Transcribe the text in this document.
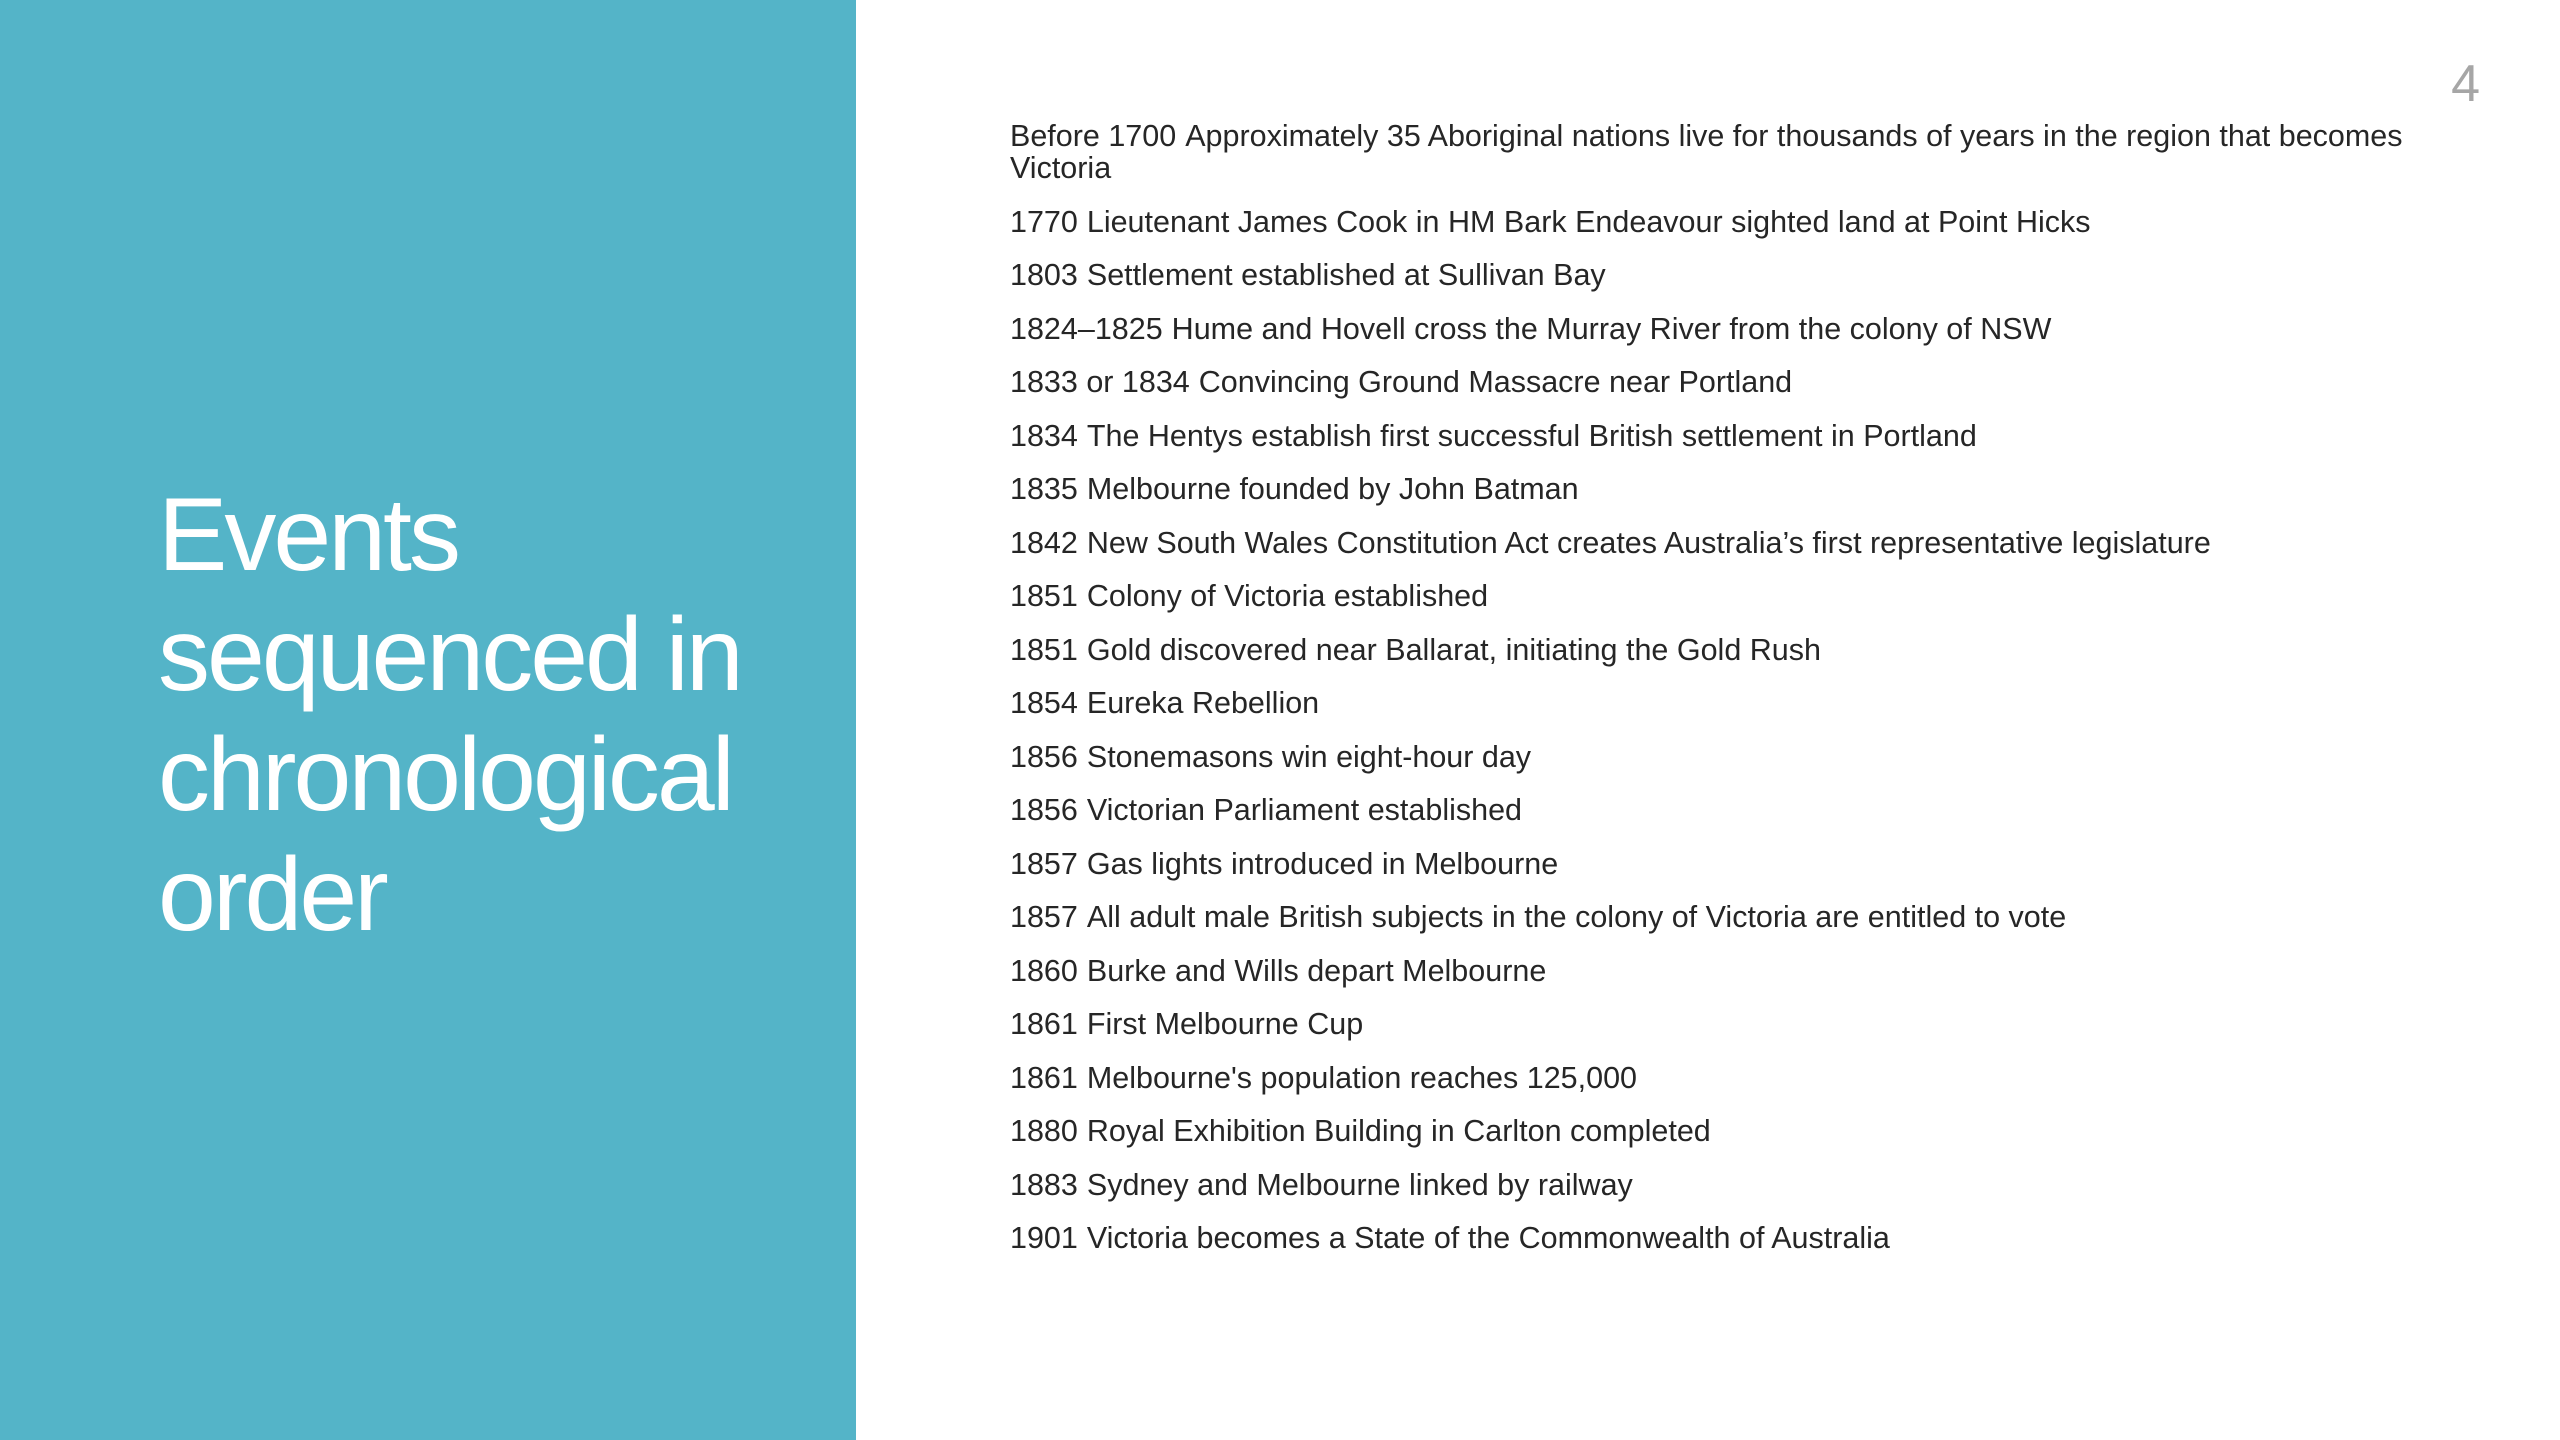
Events sequenced in chronological order
4
Before 1700 Approximately 35 Aboriginal nations live for thousands of years in the region that becomes Victoria
1770 Lieutenant James Cook in HM Bark Endeavour sighted land at Point Hicks
1803 Settlement established at Sullivan Bay
1824–1825 Hume and Hovell cross the Murray River from the colony of NSW
1833 or 1834 Convincing Ground Massacre near Portland
1834 The Hentys establish first successful British settlement in Portland
1835 Melbourne founded by John Batman
1842 New South Wales Constitution Act creates Australia’s first representative legislature
1851 Colony of Victoria established
1851 Gold discovered near Ballarat, initiating the Gold Rush
1854 Eureka Rebellion
1856 Stonemasons win eight-hour day
1856 Victorian Parliament established
1857 Gas lights introduced in Melbourne
1857 All adult male British subjects in the colony of Victoria are entitled to vote
1860 Burke and Wills depart Melbourne
1861 First Melbourne Cup
1861 Melbourne's population reaches 125,000
1880 Royal Exhibition Building in Carlton completed
1883 Sydney and Melbourne linked by railway
1901 Victoria becomes a State of the Commonwealth of Australia
